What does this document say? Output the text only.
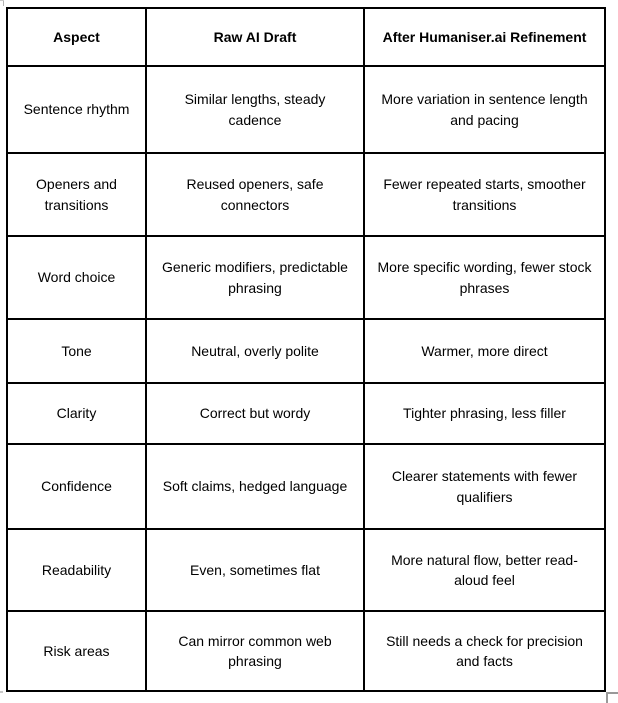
Aspect	Raw AI Draft	After Humaniser.ai Refinement
Sentence rhythm	Similar lengths, steady cadence	More variation in sentence length and pacing
Openers and transitions	Reused openers, safe connectors	Fewer repeated starts, smoother transitions
Word choice	Generic modifiers, predictable phrasing	More specific wording, fewer stock phrases
Tone	Neutral, overly polite	Warmer, more direct
Clarity	Correct but wordy	Tighter phrasing, less filler
Confidence	Soft claims, hedged language	Clearer statements with fewer qualifiers
Readability	Even, sometimes flat	More natural flow, better read-aloud feel
Risk areas	Can mirror common web phrasing	Still needs a check for precision and facts
